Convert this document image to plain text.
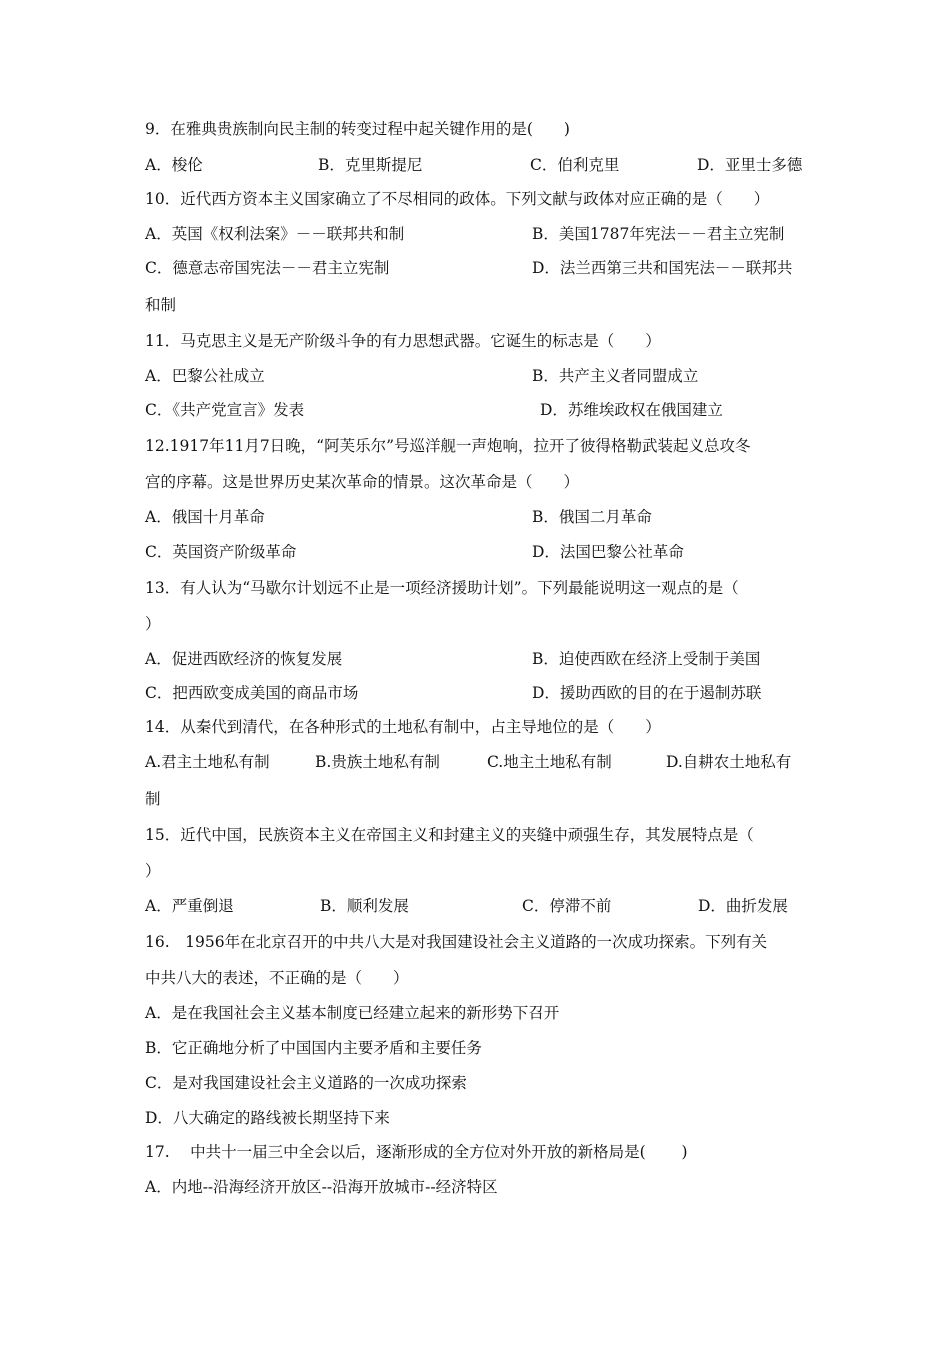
9．在雅典贵族制向民主制的转变过程中起关键作用的是(　　)
A．梭伦	B．克里斯提尼	C．伯利克里	D．亚里士多德
10．近代西方资本主义国家确立了不尽相同的政体。下列文献与政体对应正确的是（　　）
A．英国《权利法案》－－联邦共和制	B．美国1787年宪法－－君主立宪制
C．德意志帝国宪法－－君主立宪制	D．法兰西第三共和国宪法－－联邦共
和制
11．马克思主义是无产阶级斗争的有力思想武器。它诞生的标志是（　　）
A．巴黎公社成立	B．共产主义者同盟成立
C．《共产党宣言》发表	D．苏维埃政权在俄国建立
12.1917年11月7日晚，“阿芙乐尔”号巡洋舰一声炮响，拉开了彼得格勒武装起义总攻冬
宫的序幕。这是世界历史某次革命的情景。这次革命是（　　）
A．俄国十月革命	B．俄国二月革命
C．英国资产阶级革命	D．法国巴黎公社革命
13．有人认为“马歇尔计划远不止是一项经济援助计划”。下列最能说明这一观点的是（
）
A．促进西欧经济的恢复发展	B．迫使西欧在经济上受制于美国
C．把西欧变成美国的商品市场	D．援助西欧的目的在于遏制苏联
14．从秦代到清代，在各种形式的土地私有制中，占主导地位的是（　　）
A.君主土地私有制	B.贵族土地私有制	C.地主土地私有制	D.自耕农土地私有
制
15．近代中国，民族资本主义在帝国主义和封建主义的夹缝中顽强生存，其发展特点是（
）
A．严重倒退	B．顺利发展	C．停滞不前	D．曲折发展
16.　1956年在北京召开的中共八大是对我国建设社会主义道路的一次成功探索。下列有关
中共八大的表述，不正确的是（　　）
A．是在我国社会主义基本制度已经建立起来的新形势下召开
B．它正确地分析了中国国内主要矛盾和主要任务
C．是对我国建设社会主义道路的一次成功探索
D．八大确定的路线被长期坚持下来
17.　 中共十一届三中全会以后，逐渐形成的全方位对外开放的新格局是(　　 )
A．内地--沿海经济开放区--沿海开放城市--经济特区
